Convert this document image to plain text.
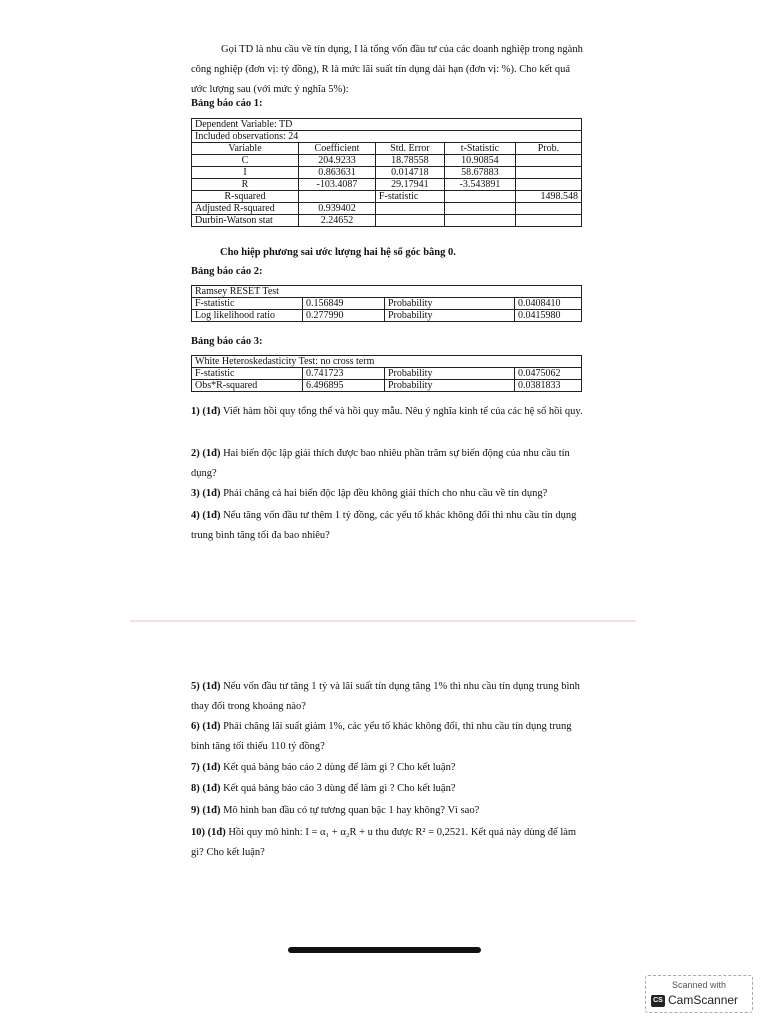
Gọi TD là nhu cầu về tín dụng, I là tổng vốn đầu tư của các doanh nghiệp trong ngành công nghiệp (đơn vị: tỷ đồng), R là mức lãi suất tín dụng dài hạn (đơn vị: %). Cho kết quả ước lượng sau (với mức ý nghĩa 5%):
Bảng báo cáo 1:
Dependent Variable: TD				
Included observations: 24				
Variable	Coefficient	Std. Error	t-Statistic	Prob.
C	204.9233	18.78558	10.90854	
I	0.863631	0.014718	58.67883	
R	-103.4087	29.17941	-3.543891	
R-squared		F-statistic		1498.548
Adjusted R-squared	0.939402			
Durbin-Watson stat	2.24652			
Cho hiệp phương sai ước lượng hai hệ số góc bằng 0.
Bảng báo cáo 2:
Ramsey RESET Test			
F-statistic	0.156849	Probability	0.0408410
Log likelihood ratio	0.277990	Probability	0.0415980
Bảng báo cáo 3:
White Heteroskedasticity Test: no cross term			
F-statistic	0.741723	Probability	0.0475062
Obs*R-squared	6.496895	Probability	0.0381833
1) (1đ) Viết hàm hồi quy tổng thể và hồi quy mẫu. Nêu ý nghĩa kinh tế của các hệ số hồi quy.
2) (1đ) Hai biến độc lập giải thích được bao nhiêu phần trăm sự biến động của nhu cầu tín dụng?
3) (1đ) Phải chăng cả hai biến độc lập đều không giải thích cho nhu cầu về tín dụng?
4) (1đ) Nếu tăng vốn đầu tư thêm 1 tỷ đồng, các yếu tố khác không đổi thì nhu cầu tín dụng trung bình tăng tối đa bao nhiêu?
5) (1đ) Nếu vốn đầu tư tăng 1 tỷ và lãi suất tín dụng tăng 1% thì nhu cầu tín dụng trung bình thay đổi trong khoảng nào?
6) (1đ) Phải chăng lãi suất giảm 1%, các yếu tố khác không đổi, thì nhu cầu tín dụng trung bình tăng tối thiểu 110 tỷ đồng?
7) (1đ) Kết quả bảng báo cáo 2 dùng để làm gì ? Cho kết luận?
8) (1đ) Kết quả bảng báo cáo 3 dùng để làm gì ? Cho kết luận?
9) (1đ) Mô hình ban đầu có tự tương quan bậc 1 hay không? Vì sao?
10) (1đ) Hồi quy mô hình: I = α₁ + α₂R + u thu được R² = 0,2521. Kết quả này dùng để làm gì? Cho kết luận?
Scanned with
CS CamScanner
